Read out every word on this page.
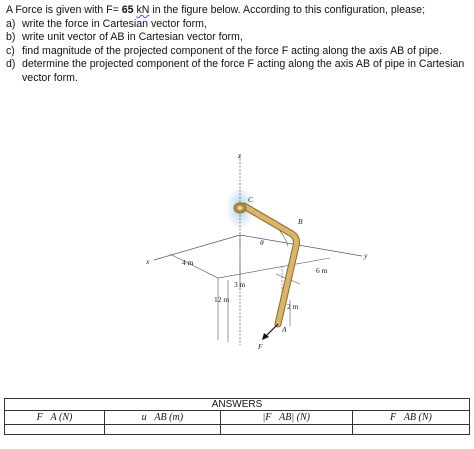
A Force is given with F= 65 kN in the figure below. According to this configuration, please;

a) write the force in Cartesian vector form,
b) write unit vector of AB in Cartesian vector form,
c) find magnitude of the projected component of the force F acting along the axis AB of pipe.
d) determine the projected component of the force F acting along the axis AB of pipe in Cartesian vector form.
z
x
y
θ
C
B
A
F
4 m
6 m
3 m
12 m
2 m
ANSWERS			
F⃗A (N)	u⃗AB (m)	|F⃗AB| (N)	F⃗AB (N)
